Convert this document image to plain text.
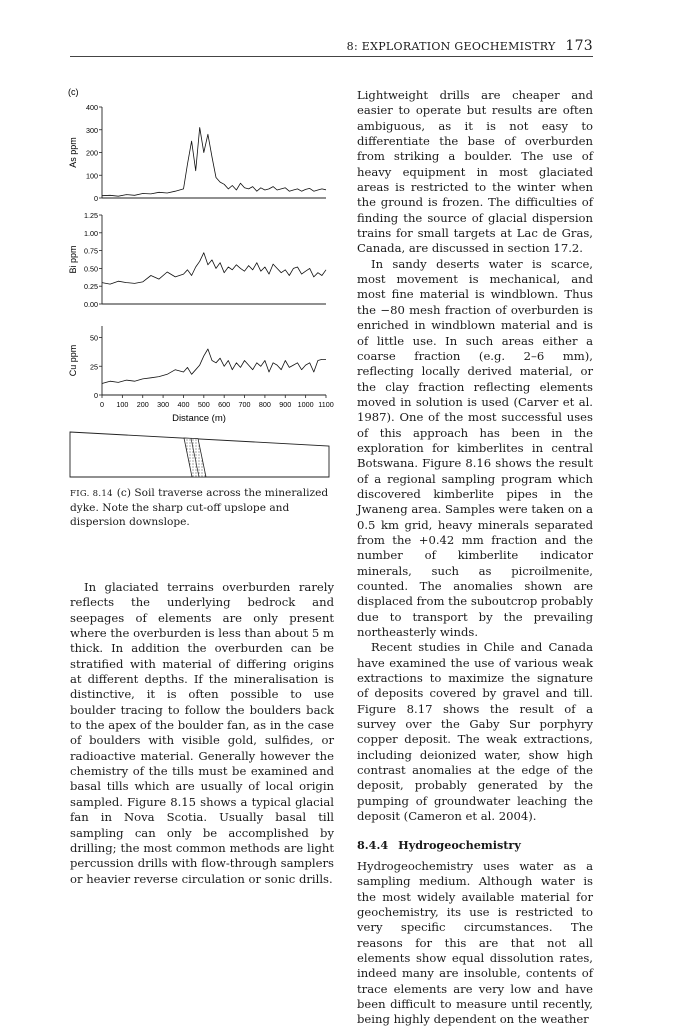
8: EXPLORATION GEOCHEMISTRY 173
(c)
0
100
200
300
400
As ppm
0.00
0.25
0.50
0.75
1.00
1.25
Bi ppm
0
25
50
Cu ppm
0 100 200 300 400 500 600 700 800 900 1000 1100
Distance (m)
FIG. 8.14 (c) Soil traverse across the mineralized dyke. Note the sharp cut-off upslope and dispersion downslope.

In glaciated terrains overburden rarely reflects the underlying bedrock and seepages of elements are only present where the overburden is less than about 5 m thick. In addition the overburden can be stratified with material of differing origins at different depths. If the mineralisation is distinctive, it is often possible to use boulder tracing to follow the boulders back to the apex of the boulder fan, as in the case of boulders with visible gold, sulfides, or radioactive material. Generally however the chemistry of the tills must be examined and basal tills which are usually of local origin sampled. Figure 8.15 shows a typical glacial fan in Nova Scotia. Usually basal till sampling can only be accomplished by drilling; the most common methods are light percussion drills with flow-through samplers or heavier reverse circulation or sonic drills.

Lightweight drills are cheaper and easier to operate but results are often ambiguous, as it is not easy to differentiate the base of overburden from striking a boulder. The use of heavy equipment in most glaciated areas is restricted to the winter when the ground is frozen. The difficulties of finding the source of glacial dispersion trains for small targets at Lac de Gras, Canada, are discussed in section 17.2.

In sandy deserts water is scarce, most movement is mechanical, and most fine material is windblown. Thus the −80 mesh fraction of overburden is enriched in windblown material and is of little use. In such areas either a coarse fraction (e.g. 2–6 mm), reflecting locally derived material, or the clay fraction reflecting elements moved in solution is used (Carver et al. 1987). One of the most successful uses of this approach has been in the exploration for kimberlites in central Botswana. Figure 8.16 shows the result of a regional sampling program which discovered kimberlite pipes in the Jwaneng area. Samples were taken on a 0.5 km grid, heavy minerals separated from the +0.42 mm fraction and the number of kimberlite indicator minerals, such as picroilmenite, counted. The anomalies shown are displaced from the suboutcrop probably due to transport by the prevailing northeasterly winds.

Recent studies in Chile and Canada have examined the use of various weak extractions to maximize the signature of deposits covered by gravel and till. Figure 8.17 shows the result of a survey over the Gaby Sur porphyry copper deposit. The weak extractions, including deionized water, show high contrast anomalies at the edge of the deposit, probably generated by the pumping of groundwater leaching the deposit (Cameron et al. 2004).

8.4.4 Hydrogeochemistry

Hydrogeochemistry uses water as a sampling medium. Although water is the most widely available material for geochemistry, its use is restricted to very specific circumstances. The reasons for this are that not all elements show equal dissolution rates, indeed many are insoluble, contents of trace elements are very low and have been difficult to measure until recently, being highly dependent on the weather
